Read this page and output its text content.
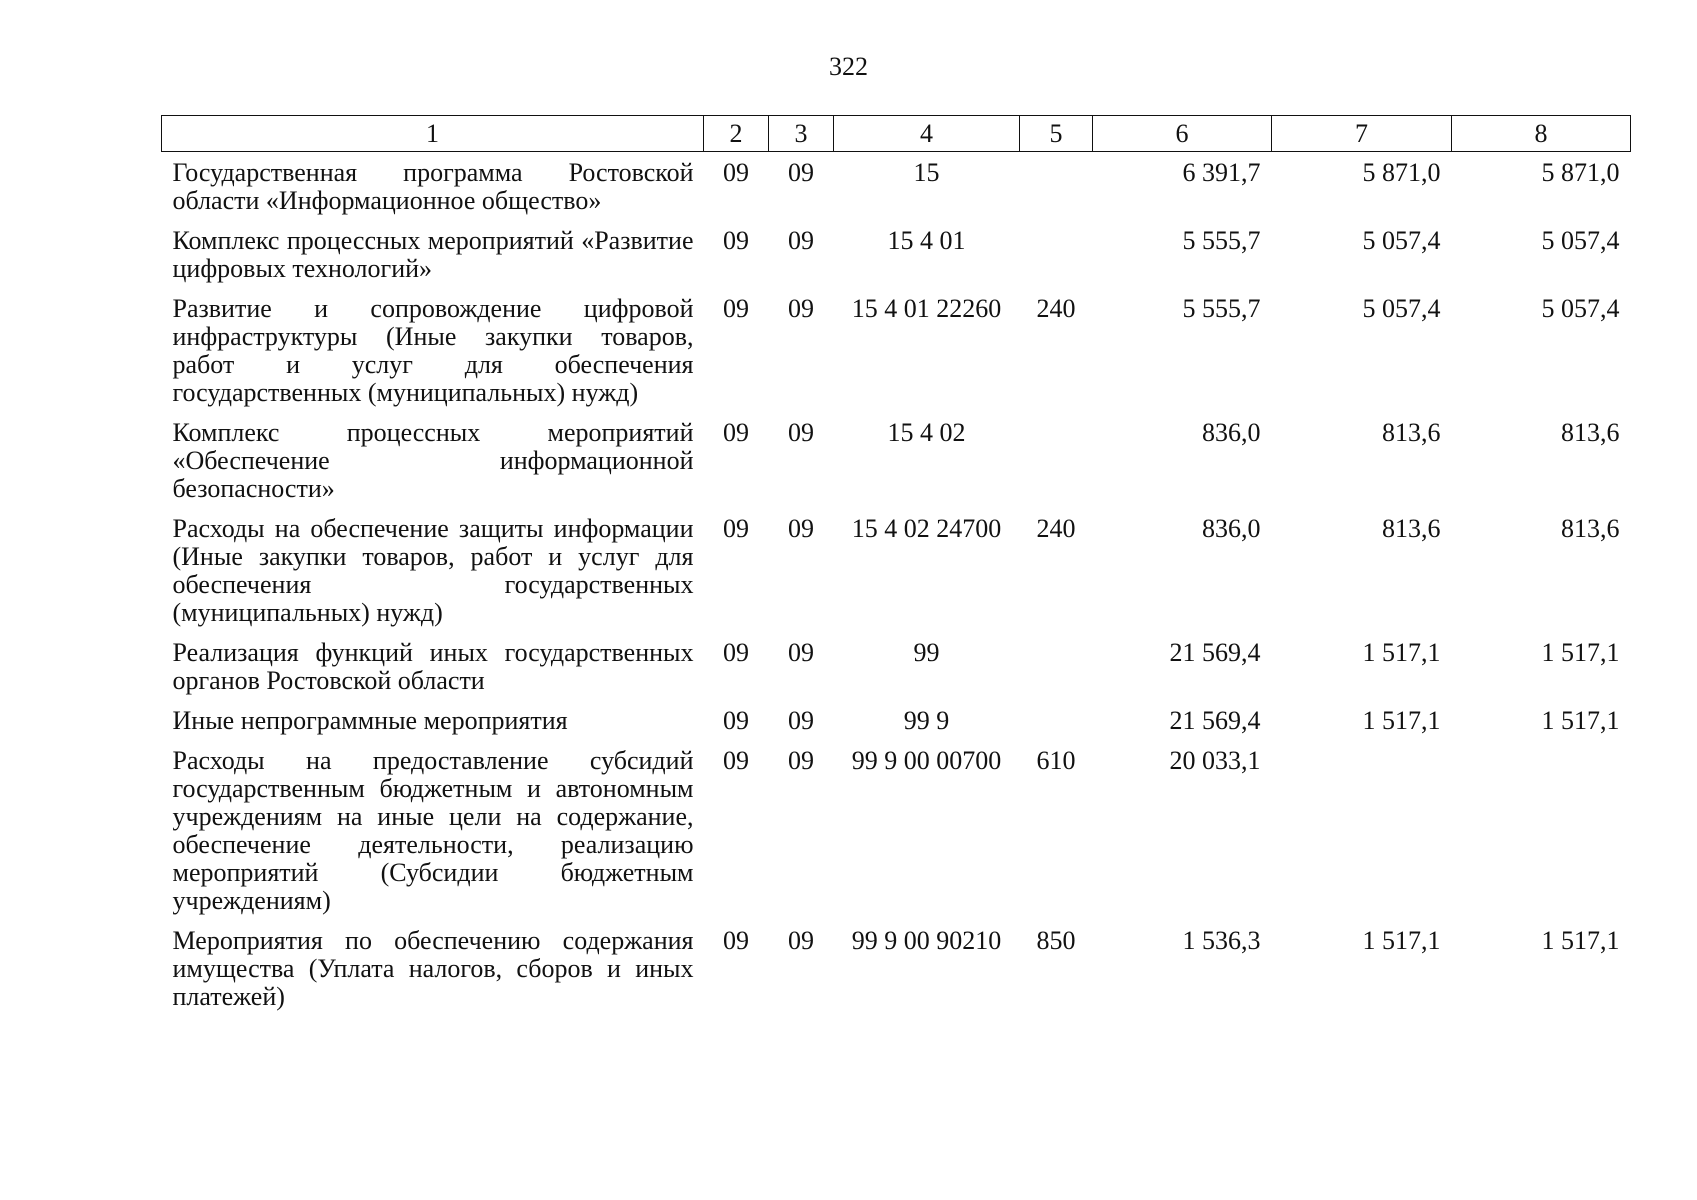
322
1	2	3	4	5	6	7	8
Государственная программа Ростовской области «Информационное общество»	09	09	15		6 391,7	5 871,0	5 871,0
Комплекс процессных мероприятий «Развитие цифровых технологий»	09	09	15 4 01		5 555,7	5 057,4	5 057,4
Развитие и сопровождение цифровой инфраструктуры (Иные закупки товаров, работ и услуг для обеспечения государственных (муниципальных) нужд)	09	09	15 4 01 22260	240	5 555,7	5 057,4	5 057,4
Комплекс процессных мероприятий «Обеспечение информационной безопасности»	09	09	15 4 02		836,0	813,6	813,6
Расходы на обеспечение защиты информации (Иные закупки товаров, работ и услуг для обеспечения государственных (муниципальных) нужд)	09	09	15 4 02 24700	240	836,0	813,6	813,6
Реализация функций иных государственных органов Ростовской области	09	09	99		21 569,4	1 517,1	1 517,1
Иные непрограммные мероприятия	09	09	99 9		21 569,4	1 517,1	1 517,1
Расходы на предоставление субсидий государственным бюджетным и автономным учреждениям на иные цели на содержание, обеспечение деятельности, реализацию мероприятий (Субсидии бюджетным учреждениям)	09	09	99 9 00 00700	610	20 033,1		
Мероприятия по обеспечению содержания имущества (Уплата налогов, сборов и иных платежей)	09	09	99 9 00 90210	850	1 536,3	1 517,1	1 517,1
